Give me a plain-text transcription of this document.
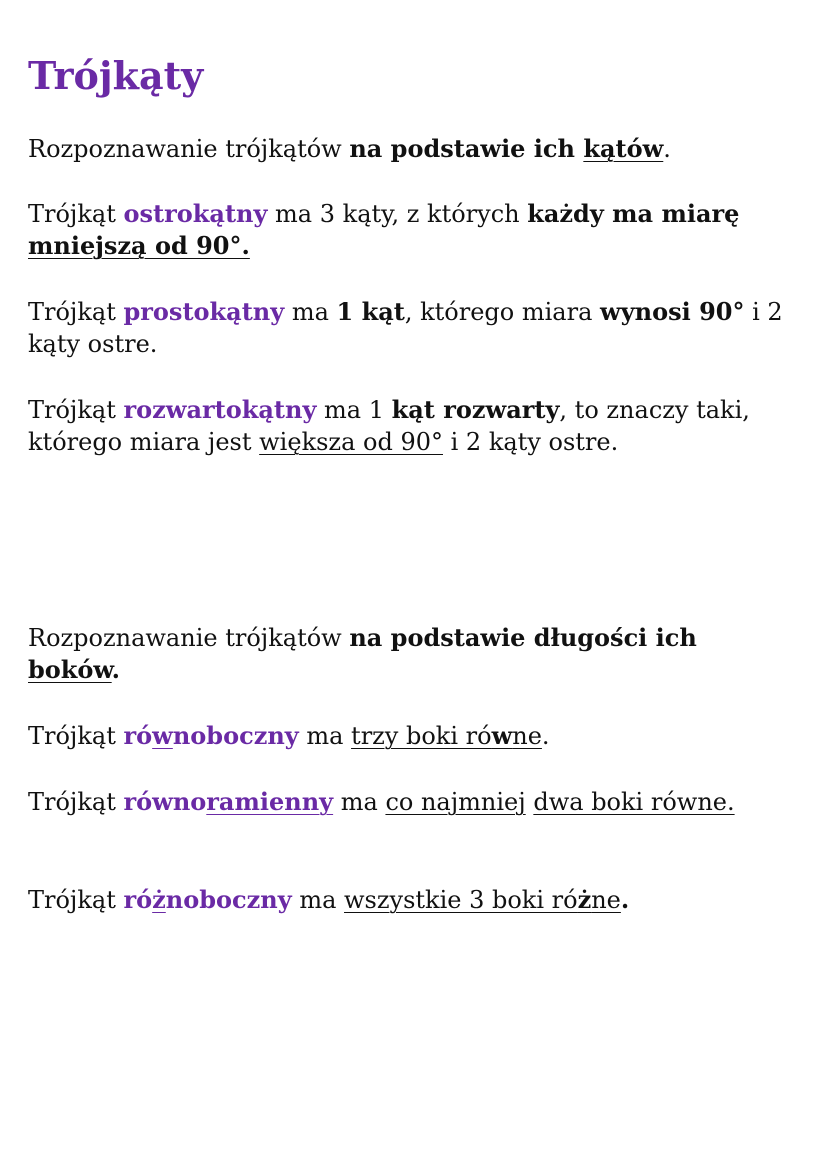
Trójkąty

Rozpoznawanie trójkątów na podstawie ich kątów.

Trójkąt ostrokątny ma 3 kąty, z których każdy ma miarę mniejszą od 90°.

Trójkąt prostokątny ma 1 kąt, którego miara wynosi 90° i 2 kąty ostre.

Trójkąt rozwartokątny ma 1 kąt rozwarty, to znaczy taki, którego miara jest większa od 90° i 2 kąty ostre.

Rozpoznawanie trójkątów na podstawie długości ich boków.

Trójkąt równoboczny ma trzy boki równe.

Trójkąt równoramienny ma co najmniej dwa boki równe.

Trójkąt różnoboczny ma wszystkie 3 boki różne.
